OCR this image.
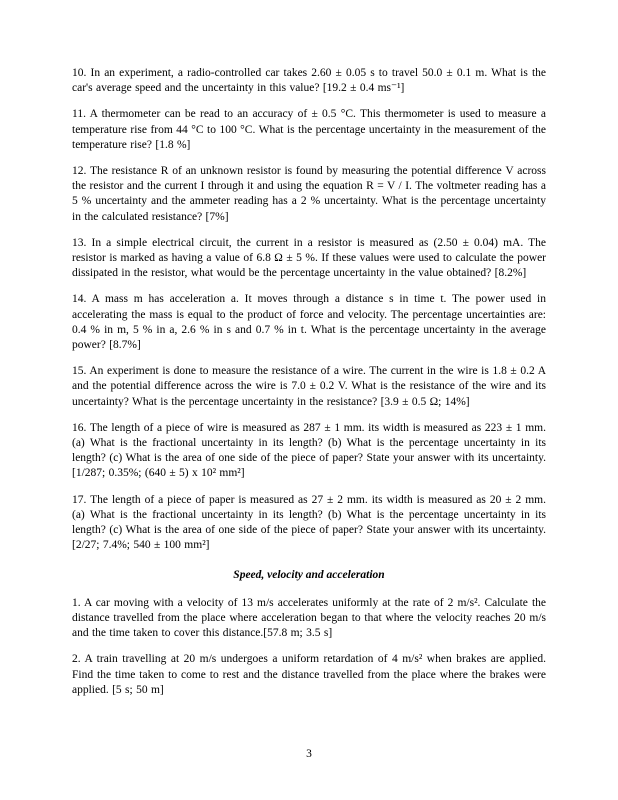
10. In an experiment, a radio-controlled car takes 2.60 ± 0.05 s to travel 50.0 ± 0.1 m. What is the car's average speed and the uncertainty in this value? [19.2 ± 0.4 ms⁻¹]

11. A thermometer can be read to an accuracy of ± 0.5 °C. This thermometer is used to measure a temperature rise from 44 °C to 100 °C. What is the percentage uncertainty in the measurement of the temperature rise? [1.8 %]

12. The resistance R of an unknown resistor is found by measuring the potential difference V across the resistor and the current I through it and using the equation R = V / I. The voltmeter reading has a 5 % uncertainty and the ammeter reading has a 2 % uncertainty. What is the percentage uncertainty in the calculated resistance? [7%]

13. In a simple electrical circuit, the current in a resistor is measured as (2.50 ± 0.04) mA. The resistor is marked as having a value of 6.8 Ω ± 5 %. If these values were used to calculate the power dissipated in the resistor, what would be the percentage uncertainty in the value obtained? [8.2%]

14. A mass m has acceleration a. It moves through a distance s in time t. The power used in accelerating the mass is equal to the product of force and velocity. The percentage uncertainties are: 0.4 % in m, 5 % in a, 2.6 % in s and 0.7 % in t. What is the percentage uncertainty in the average power? [8.7%]

15. An experiment is done to measure the resistance of a wire. The current in the wire is 1.8 ± 0.2 A and the potential difference across the wire is 7.0 ± 0.2 V. What is the resistance of the wire and its uncertainty? What is the percentage uncertainty in the resistance? [3.9 ± 0.5 Ω; 14%]

16. The length of a piece of wire is measured as 287 ± 1 mm. its width is measured as 223 ± 1 mm. (a) What is the fractional uncertainty in its length? (b) What is the percentage uncertainty in its length? (c) What is the area of one side of the piece of paper? State your answer with its uncertainty. [1/287; 0.35%; (640 ± 5) x 10² mm²]

17. The length of a piece of paper is measured as 27 ± 2 mm. its width is measured as 20 ± 2 mm. (a) What is the fractional uncertainty in its length? (b) What is the percentage uncertainty in its length? (c) What is the area of one side of the piece of paper? State your answer with its uncertainty. [2/27; 7.4%; 540 ± 100 mm²]

Speed, velocity and acceleration

1. A car moving with a velocity of 13 m/s accelerates uniformly at the rate of 2 m/s². Calculate the distance travelled from the place where acceleration began to that where the velocity reaches 20 m/s and the time taken to cover this distance.[57.8 m; 3.5 s]

2. A train travelling at 20 m/s undergoes a uniform retardation of 4 m/s² when brakes are applied. Find the time taken to come to rest and the distance travelled from the place where the brakes were applied. [5 s; 50 m]

3
